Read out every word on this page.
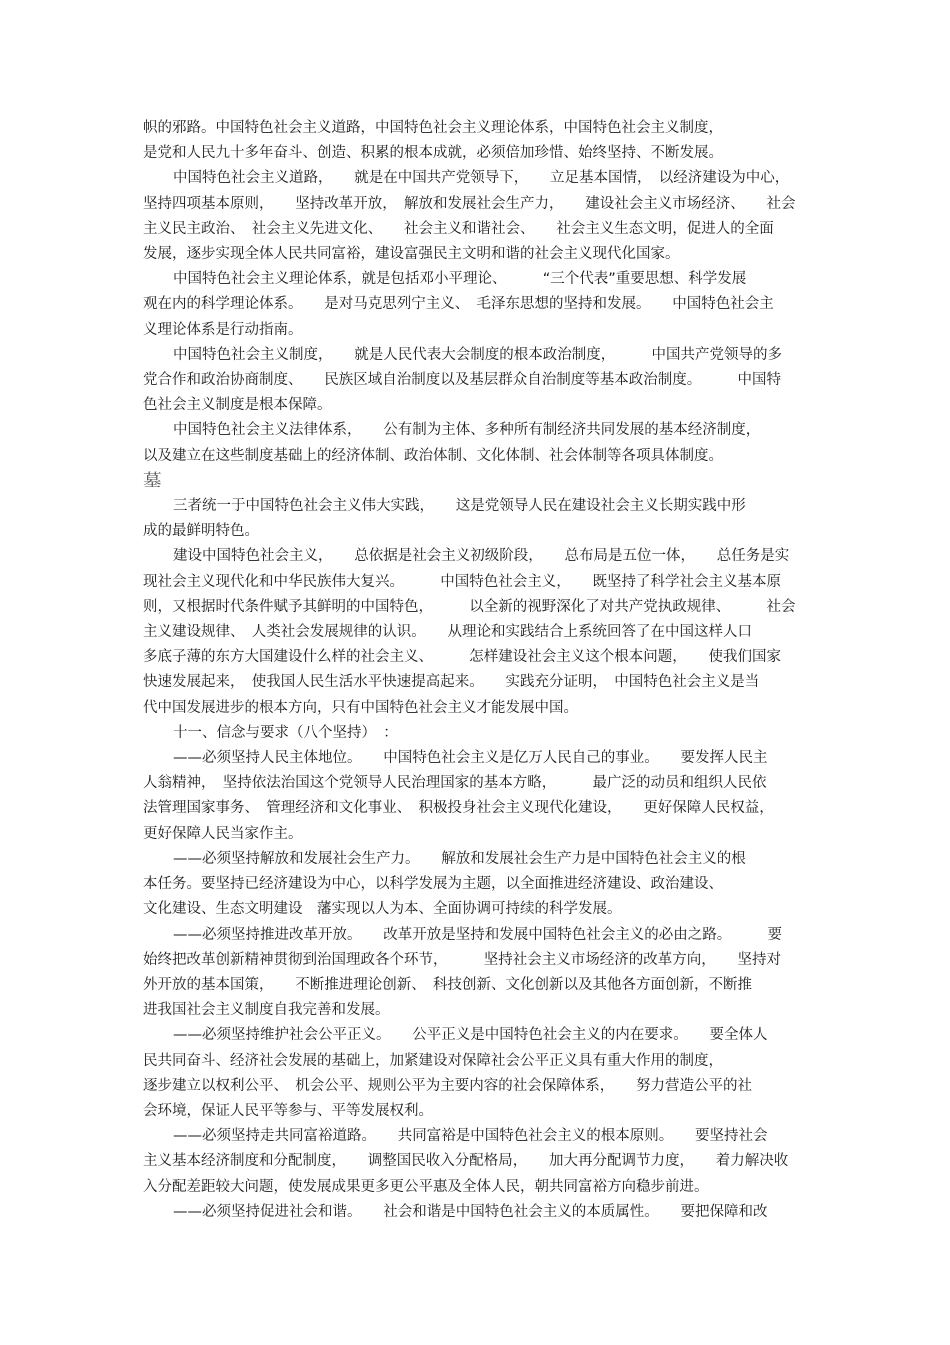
帜的邪路。中国特色社会主义道路，中国特色社会主义理论体系，中国特色社会主义制度，
是党和人民九十多年奋斗、创造、积累的根本成就，必须倍加珍惜、始终坚持、不断发展。
中国特色社会主义道路，　　就是在中国共产党领导下，　　立足基本国情，　以经济建设为中心，
坚持四项基本原则，　　坚持改革开放，　解放和发展社会生产力，　　建设社会主义市场经济、　　社会
主义民主政治、　社会主义先进文化、　　社会主义和谐社会、　　社会主义生态文明，促进人的全面
发展，逐步实现全体人民共同富裕，建设富强民主文明和谐的社会主义现代化国家。
中国特色社会主义理论体系，就是包括邓小平理论、　　　“三个代表”重要思想、科学发展
观在内的科学理论体系。　　是对马克思列宁主义、　毛泽东思想的坚持和发展。　　中国特色社会主
义理论体系是行动指南。
中国特色社会主义制度，　　就是人民代表大会制度的根本政治制度，　　　中国共产党领导的多
党合作和政治协商制度、　　民族区域自治制度以及基层群众自治制度等基本政治制度。　　　中国特
色社会主义制度是根本保障。
中国特色社会主义法律体系，　　公有制为主体、多种所有制经济共同发展的基本经济制度，
以及建立在这些制度基础上的经济体制、政治体制、文化体制、社会体制等各项具体制度。
墓
三者统一于中国特色社会主义伟大实践，　　这是党领导人民在建设社会主义长期实践中形
成的最鲜明特色。
建设中国特色社会主义，　　总依据是社会主义初级阶段，　　总布局是五位一体，　　总任务是实
现社会主义现代化和中华民族伟大复兴。　　　中国特色社会主义，　　既坚持了科学社会主义基本原
则，又根据时代条件赋予其鲜明的中国特色，　　　以全新的视野深化了对共产党执政规律、　　　社会
主义建设规律、　人类社会发展规律的认识。　　从理论和实践结合上系统回答了在中国这样人口
多底子薄的东方大国建设什么样的社会主义、　　　怎样建设社会主义这个根本问题，　　使我们国家
快速发展起来，　使我国人民生活水平快速提高起来。　　实践充分证明，　中国特色社会主义是当
代中国发展进步的根本方向，只有中国特色社会主义才能发展中国。
十一、信念与要求（八个坚持）　：
——必须坚持人民主体地位。　　中国特色社会主义是亿万人民自己的事业。　　要发挥人民主
人翁精神，　坚持依法治国这个党领导人民治理国家的基本方略，　　　最广泛的动员和组织人民依
法管理国家事务、　管理经济和文化事业、　积极投身社会主义现代化建设，　　更好保障人民权益，
更好保障人民当家作主。
——必须坚持解放和发展社会生产力。　　解放和发展社会生产力是中国特色社会主义的根
本任务。要坚持已经济建设为中心，以科学发展为主题，以全面推进经济建设、政治建设、
文化建设、生态文明建设　藩实现以人为本、全面协调可持续的科学发展。
——必须坚持推进改革开放。　　改革开放是坚持和发展中国特色社会主义的必由之路。　　　要
始终把改革创新精神贯彻到治国理政各个环节，　　　坚持社会主义市场经济的改革方向，　　坚持对
外开放的基本国策，　　不断推进理论创新、　科技创新、文化创新以及其他各方面创新，不断推
进我国社会主义制度自我完善和发展。
——必须坚持维护社会公平正义。　　公平正义是中国特色社会主义的内在要求。　　要全体人
民共同奋斗、经济社会发展的基础上，加紧建设对保障社会公平正义具有重大作用的制度，
逐步建立以权利公平、　机会公平、规则公平为主要内容的社会保障体系，　　努力营造公平的社
会环境，保证人民平等参与、平等发展权利。
——必须坚持走共同富裕道路。　　共同富裕是中国特色社会主义的根本原则。　　要坚持社会
主义基本经济制度和分配制度，　　调整国民收入分配格局，　　加大再分配调节力度，　　着力解决收
入分配差距较大问题，使发展成果更多更公平惠及全体人民，朝共同富裕方向稳步前进。
——必须坚持促进社会和谐。　　社会和谐是中国特色社会主义的本质属性。　　要把保障和改
